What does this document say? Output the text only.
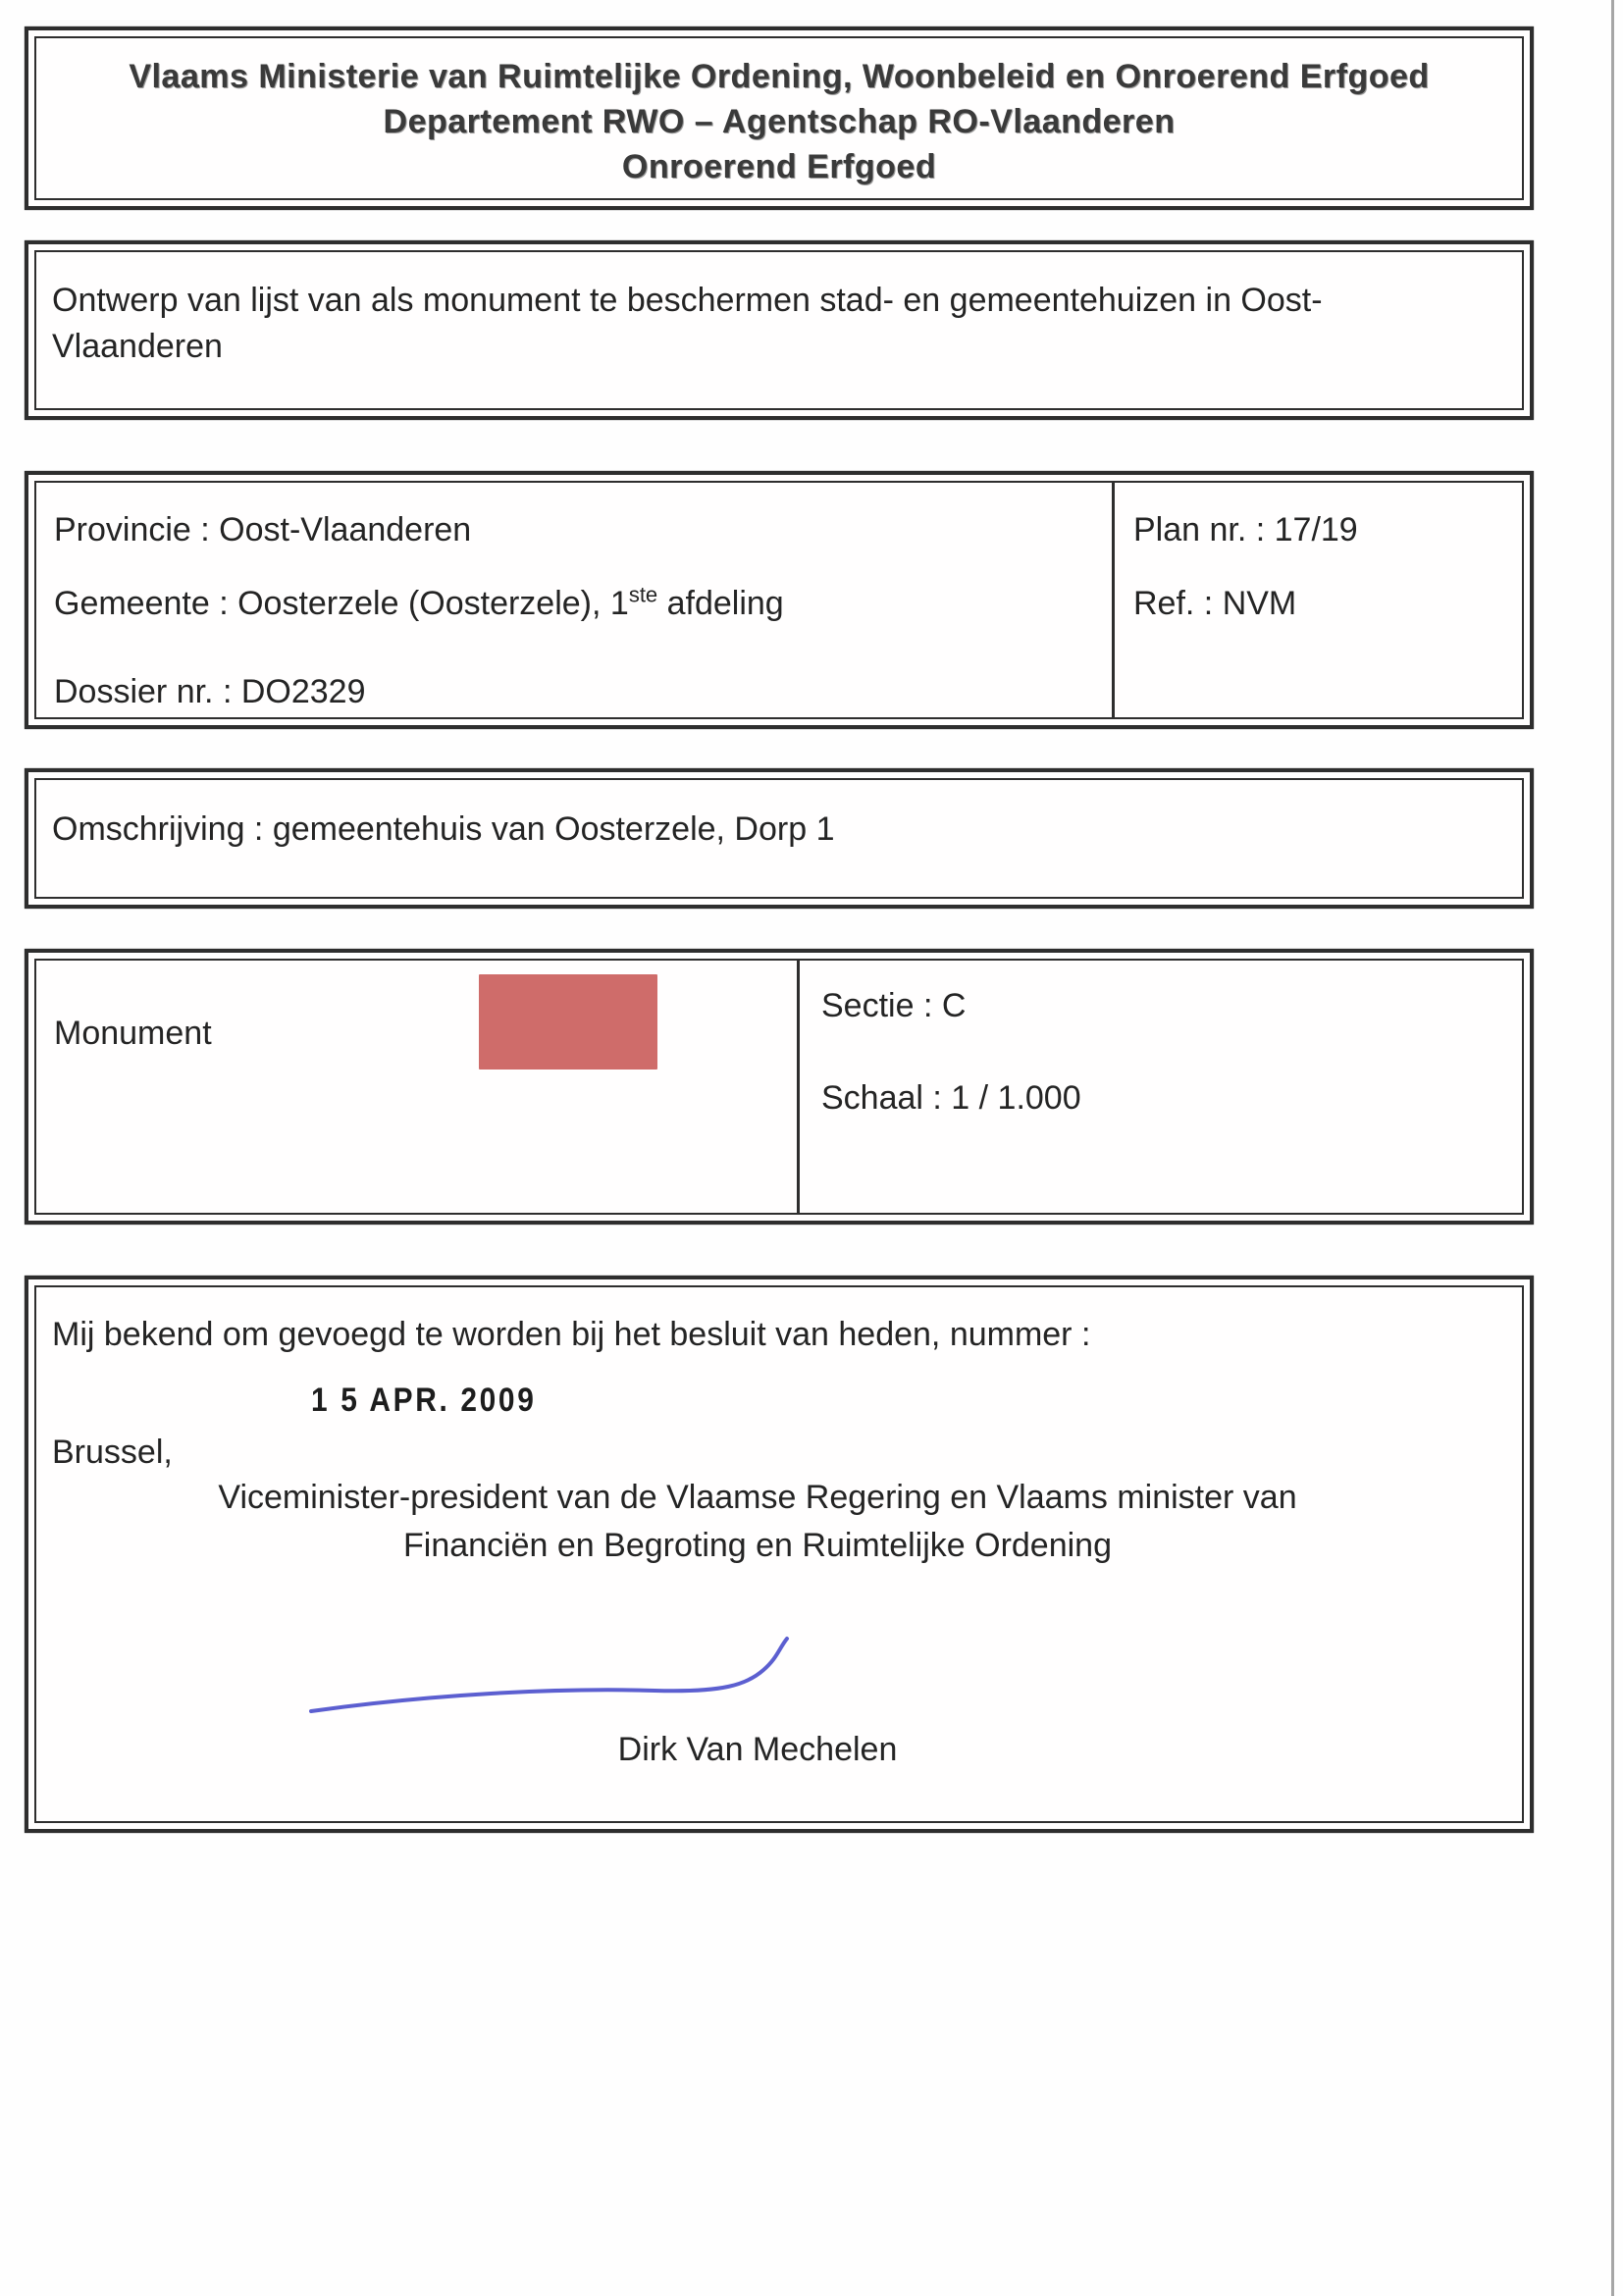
Vlaams Ministerie van Ruimtelijke Ordening, Woonbeleid en Onroerend Erfgoed
Departement RWO – Agentschap RO-Vlaanderen
Onroerend Erfgoed
Ontwerp van lijst van als monument te beschermen stad- en gemeentehuizen in Oost-
Vlaanderen
Provincie : Oost-Vlaanderen
Gemeente : Oosterzele (Oosterzele), 1ste afdeling
Dossier nr. : DO2329
Plan nr. : 17/19
Ref. : NVM
Omschrijving : gemeentehuis van Oosterzele, Dorp 1
Monument
Sectie : C
Schaal : 1 / 1.000
Mij bekend om gevoegd te worden bij het besluit van heden, nummer :
1 5 APR. 2009
Brussel,
Viceminister-president van de Vlaamse Regering en Vlaams minister van
Financiën en Begroting en Ruimtelijke Ordening
Dirk Van Mechelen
